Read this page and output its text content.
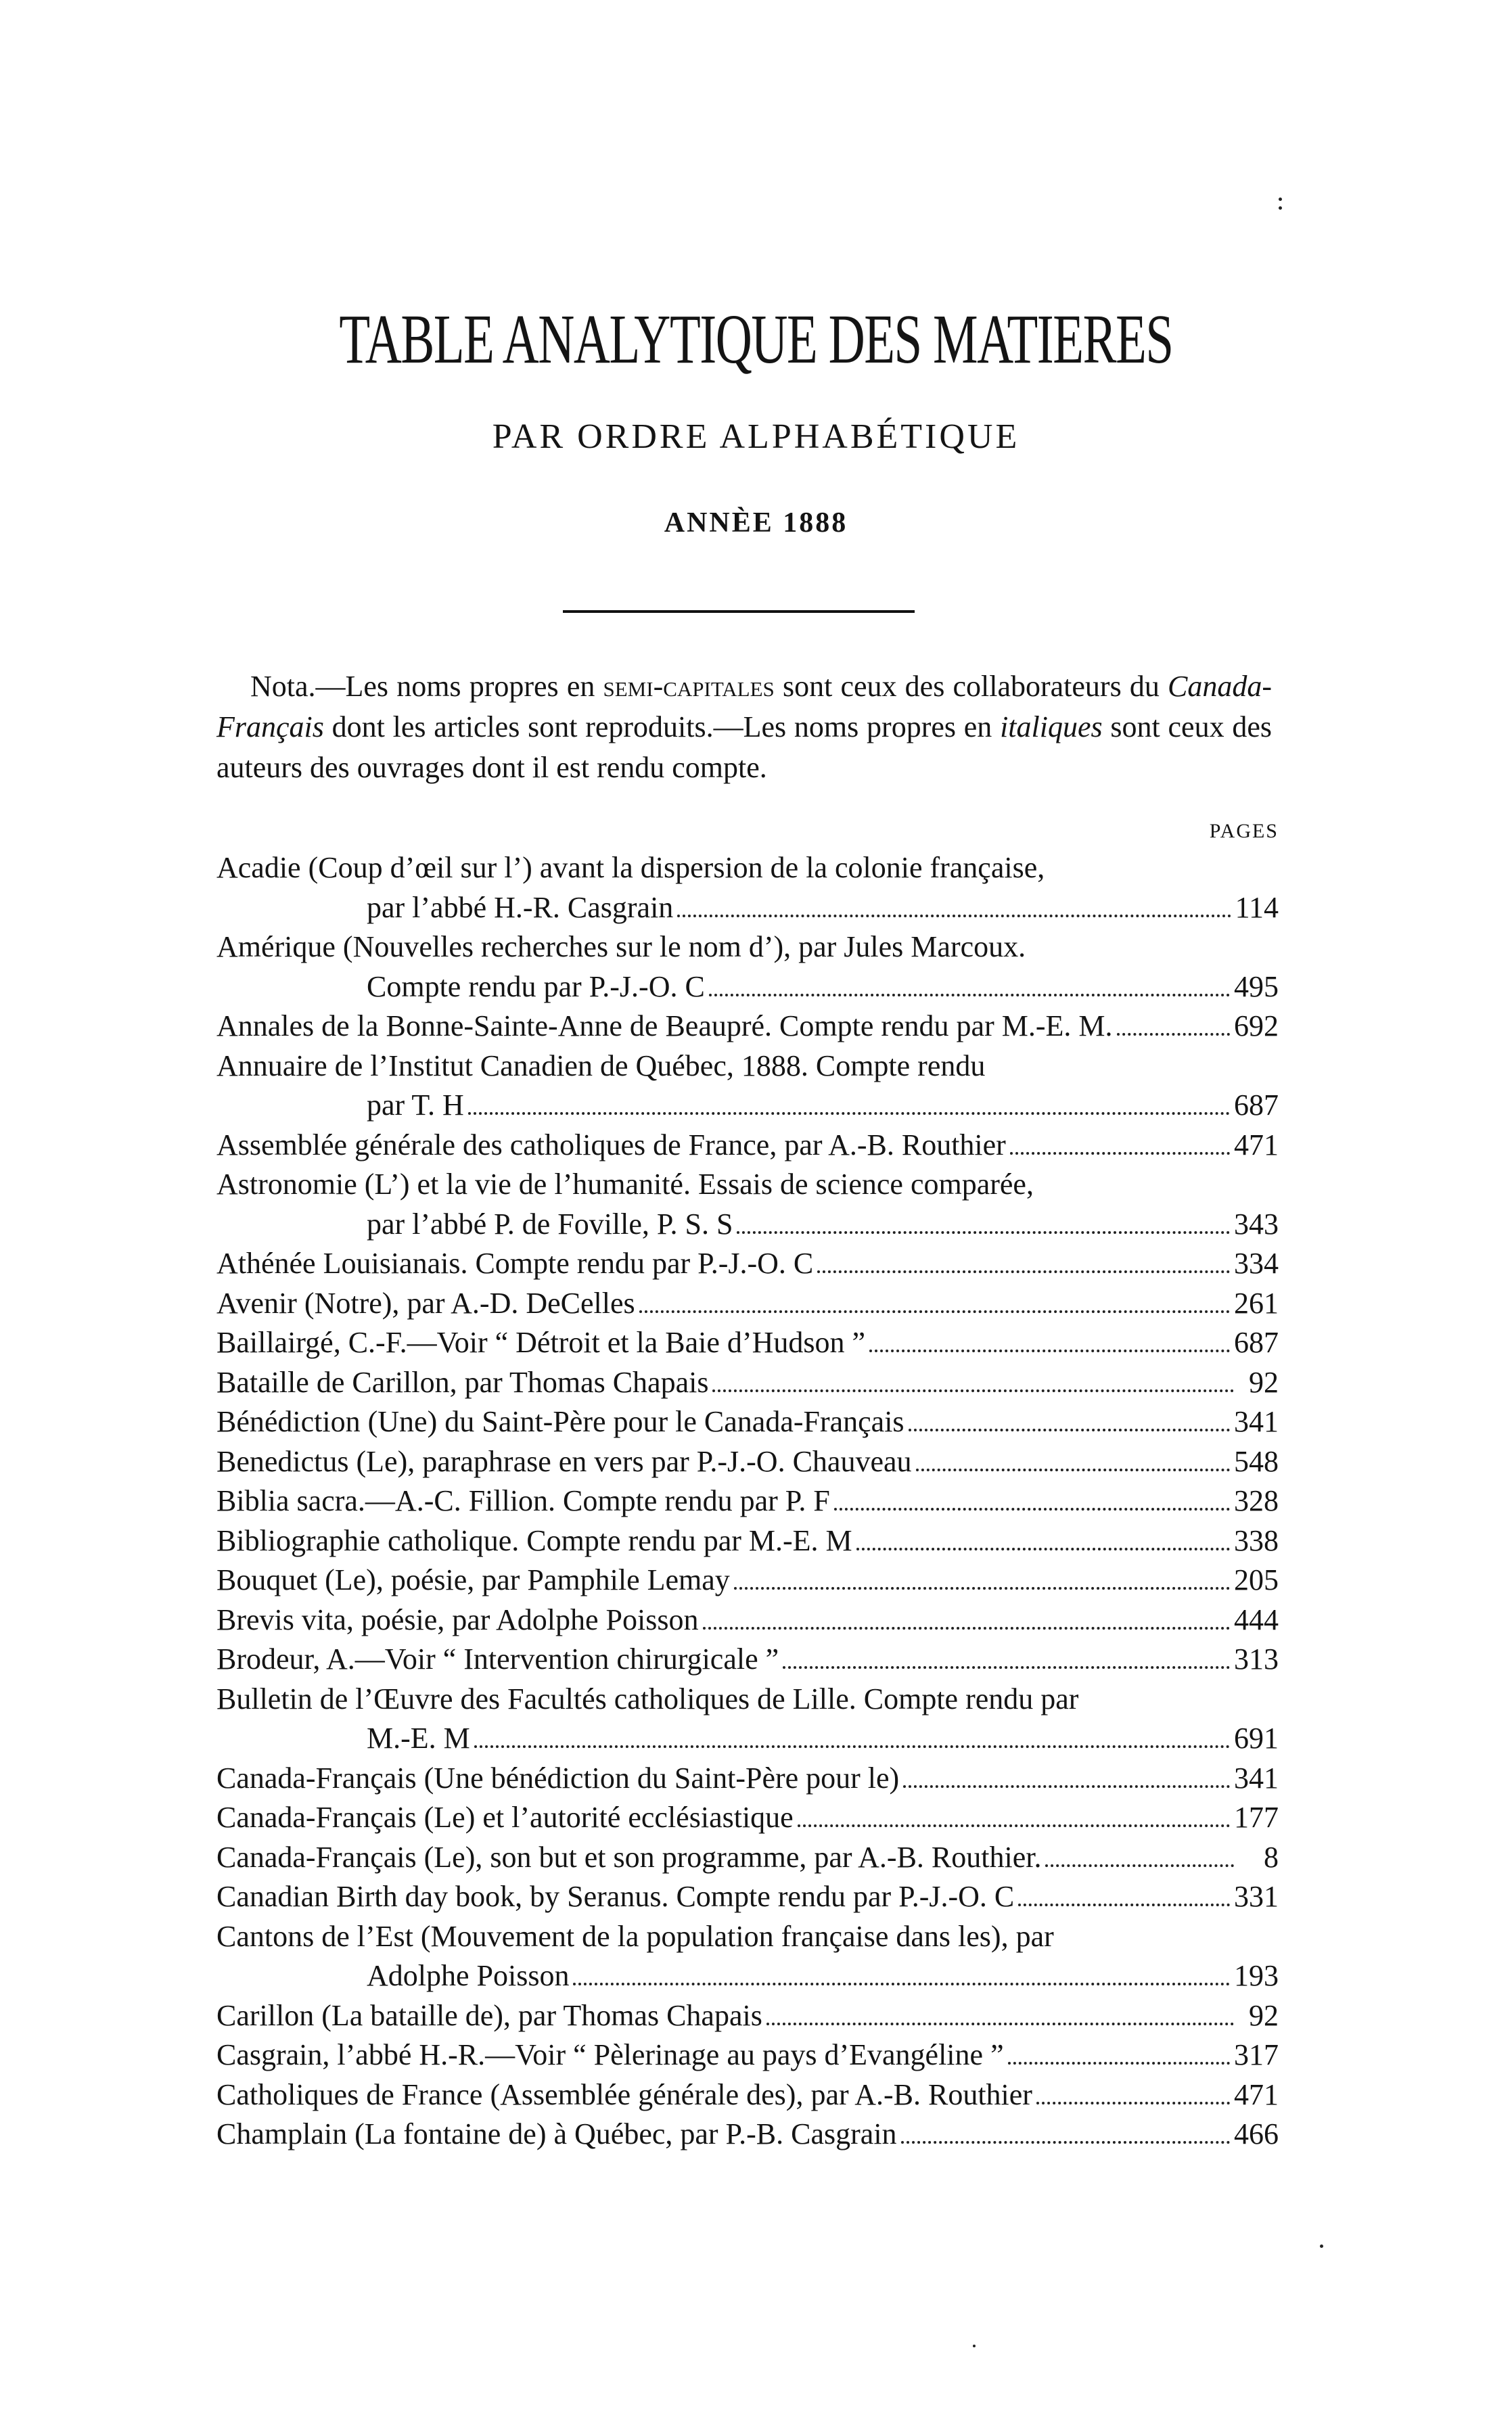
TABLE ANALYTIQUE DES MATIERES
PAR ORDRE ALPHABÉTIQUE
ANNÈE 1888

Nota.—Les noms propres en semi-capitales sont ceux des collaborateurs du Canada-Français dont les articles sont reproduits.—Les noms propres en italiques sont ceux des auteurs des ouvrages dont il est rendu compte.

PAGES
Acadie (Coup d’œil sur l’) avant la dispersion de la colonie française,
par l’abbé H.-R. Casgrain	114
Amérique (Nouvelles recherches sur le nom d’), par Jules Marcoux.
Compte rendu par P.-J.-O. C	495
Annales de la Bonne-Sainte-Anne de Beaupré. Compte rendu par M.-E. M.	692
Annuaire de l’Institut Canadien de Québec, 1888. Compte rendu
par T. H	687
Assemblée générale des catholiques de France, par A.-B. Routhier	471
Astronomie (L’) et la vie de l’humanité. Essais de science comparée,
par l’abbé P. de Foville, P. S. S	343
Athénée Louisianais. Compte rendu par P.-J.-O. C	334
Avenir (Notre), par A.-D. DeCelles	261
Baillairgé, C.-F.—Voir “ Détroit et la Baie d’Hudson ”	687
Bataille de Carillon, par Thomas Chapais	92
Bénédiction (Une) du Saint-Père pour le Canada-Français	341
Benedictus (Le), paraphrase en vers par P.-J.-O. Chauveau	548
Biblia sacra.—A.-C. Fillion. Compte rendu par P. F	328
Bibliographie catholique. Compte rendu par M.-E. M	338
Bouquet (Le), poésie, par Pamphile Lemay	205
Brevis vita, poésie, par Adolphe Poisson	444
Brodeur, A.—Voir “ Intervention chirurgicale ”	313
Bulletin de l’Œuvre des Facultés catholiques de Lille. Compte rendu par
M.-E. M	691
Canada-Français (Une bénédiction du Saint-Père pour le)	341
Canada-Français (Le) et l’autorité ecclésiastique	177
Canada-Français (Le), son but et son programme, par A.-B. Routhier.	8
Canadian Birth day book, by Seranus. Compte rendu par P.-J.-O. C	331
Cantons de l’Est (Mouvement de la population française dans les), par
Adolphe Poisson	193
Carillon (La bataille de), par Thomas Chapais	92
Casgrain, l’abbé H.-R.—Voir “ Pèlerinage au pays d’Evangéline ”	317
Catholiques de France (Assemblée générale des), par A.-B. Routhier	471
Champlain (La fontaine de) à Québec, par P.-B. Casgrain	466
